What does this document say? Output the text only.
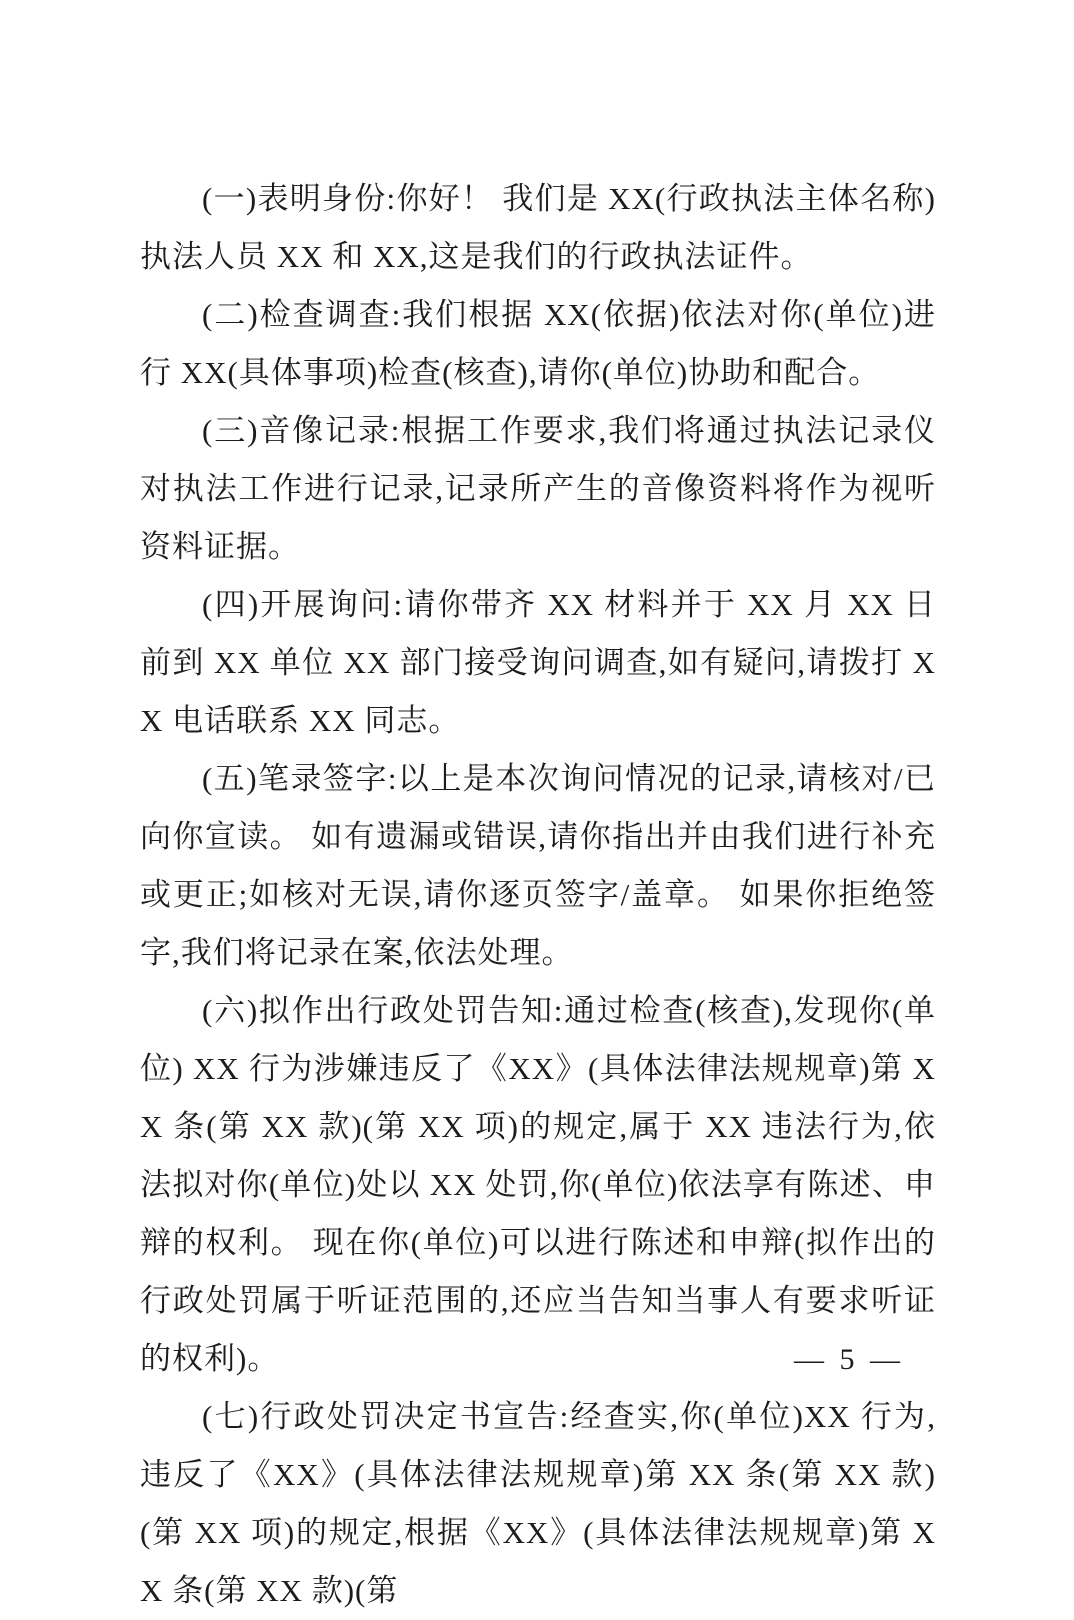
(一)表明身份:你好！ 我们是 XX(行政执法主体名称)执法人员 XX 和 XX,这是我们的行政执法证件。

(二)检查调查:我们根据 XX(依据)依法对你(单位)进行 XX(具体事项)检查(核查),请你(单位)协助和配合。

(三)音像记录:根据工作要求,我们将通过执法记录仪对执法工作进行记录,记录所产生的音像资料将作为视听资料证据。

(四)开展询问:请你带齐 XX 材料并于 XX 月 XX 日前到 XX 单位 XX 部门接受询问调查,如有疑问,请拨打 XX 电话联系 XX 同志。

(五)笔录签字:以上是本次询问情况的记录,请核对/已向你宣读。 如有遗漏或错误,请你指出并由我们进行补充或更正;如核对无误,请你逐页签字/盖章。 如果你拒绝签字,我们将记录在案,依法处理。

(六)拟作出行政处罚告知:通过检查(核查),发现你(单位) XX 行为涉嫌违反了《XX》(具体法律法规规章)第 XX 条(第 XX 款)(第 XX 项)的规定,属于 XX 违法行为,依法拟对你(单位)处以 XX 处罚,你(单位)依法享有陈述、申辩的权利。 现在你(单位)可以进行陈述和申辩(拟作出的行政处罚属于听证范围的,还应当告知当事人有要求听证的权利)。

(七)行政处罚决定书宣告:经查实,你(单位)XX 行为,违反了《XX》(具体法律法规规章)第 XX 条(第 XX 款)(第 XX 项)的规定,根据《XX》(具体法律法规规章)第 XX 条(第 XX 款)(第

— 5 —
